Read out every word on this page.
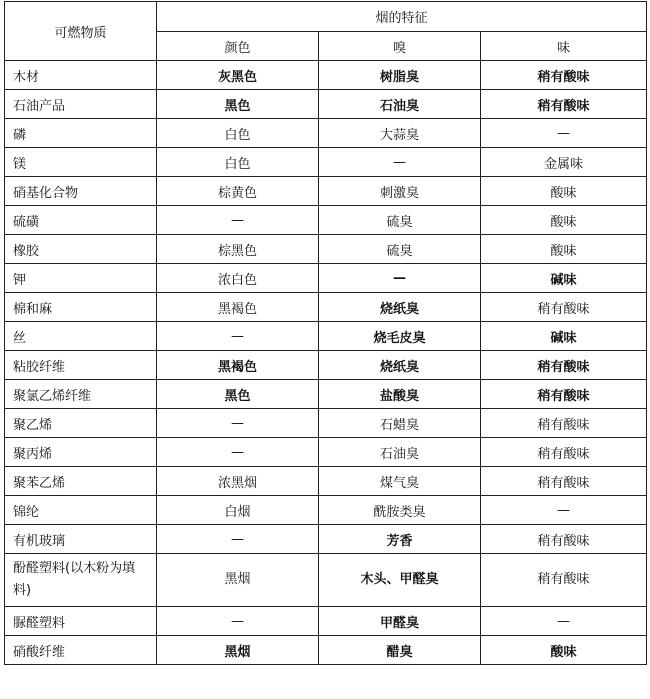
可燃物质	烟的特征		
	颜色	嗅	味
木材	灰黑色	树脂臭	稍有酸味
石油产品	黑色	石油臭	稍有酸味
磷	白色	大蒜臭	—
镁	白色	—	金属味
硝基化合物	棕黄色	刺激臭	酸味
硫磺	—	硫臭	酸味
橡胶	棕黑色	硫臭	酸味
钾	浓白色	—	碱味
棉和麻	黑褐色	烧纸臭	稍有酸味
丝	—	烧毛皮臭	碱味
粘胶纤维	黑褐色	烧纸臭	稍有酸味
聚氯乙烯纤维	黑色	盐酸臭	稍有酸味
聚乙烯	—	石蜡臭	稍有酸味
聚丙烯	—	石油臭	稍有酸味
聚苯乙烯	浓黑烟	煤气臭	稍有酸味
锦纶	白烟	酰胺类臭	—
有机玻璃	—	芳香	稍有酸味
酚醛塑料(以木粉为填料)	黑烟	木头、甲醛臭	稍有酸味
脲醛塑料	—	甲醛臭	—
硝酸纤维	黑烟	醋臭	酸味
